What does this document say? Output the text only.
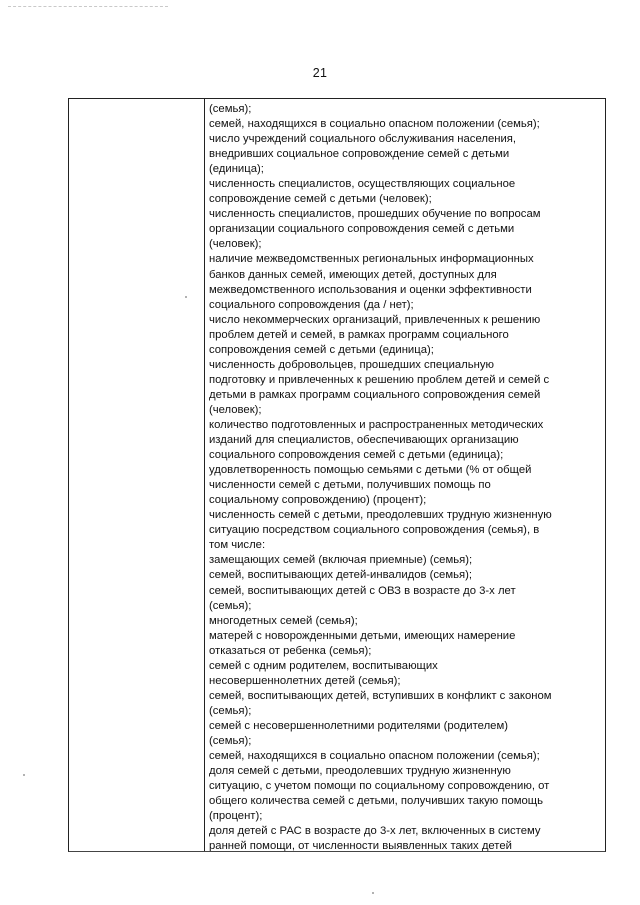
21
(семья);
семей, находящихся в социально опасном положении (семья);
число учреждений социального обслуживания населения,
внедривших социальное сопровождение семей с детьми
(единица);
численность специалистов, осуществляющих социальное
сопровождение семей с детьми (человек);
численность специалистов, прошедших обучение по вопросам
организации социального сопровождения семей с детьми
(человек);
наличие межведомственных региональных информационных
банков данных семей, имеющих детей, доступных для
межведомственного использования и оценки эффективности
социального сопровождения (да / нет);
число некоммерческих организаций, привлеченных к решению
проблем детей и семей, в рамках программ социального
сопровождения семей с детьми (единица);
численность добровольцев, прошедших специальную
подготовку и привлеченных к решению проблем детей и семей с
детьми в рамках программ социального сопровождения семей
(человек);
количество подготовленных и распространенных методических
изданий для специалистов, обеспечивающих организацию
социального сопровождения семей с детьми (единица);
удовлетворенность помощью семьями с детьми (% от общей
численности семей с детьми, получивших помощь по
социальному сопровождению) (процент);
численность семей с детьми, преодолевших трудную жизненную
ситуацию посредством социального сопровождения (семья), в
том числе:
замещающих семей (включая приемные) (семья);
семей, воспитывающих детей-инвалидов (семья);
семей, воспитывающих детей с ОВЗ в возрасте до 3-х лет
(семья);
многодетных семей (семья);
матерей с новорожденными детьми, имеющих намерение
отказаться от ребенка (семья);
семей с одним родителем, воспитывающих
несовершеннолетних детей (семья);
семей, воспитывающих детей, вступивших в конфликт с законом
(семья);
семей с несовершеннолетними родителями (родителем)
(семья);
семей, находящихся в социально опасном положении (семья);
доля семей с детьми, преодолевших трудную жизненную
ситуацию, с учетом помощи по социальному сопровождению, от
общего количества семей с детьми, получивших такую помощь
(процент);
доля детей с РАС в возрасте до 3-х лет, включенных в систему
ранней помощи, от численности выявленных таких детей
